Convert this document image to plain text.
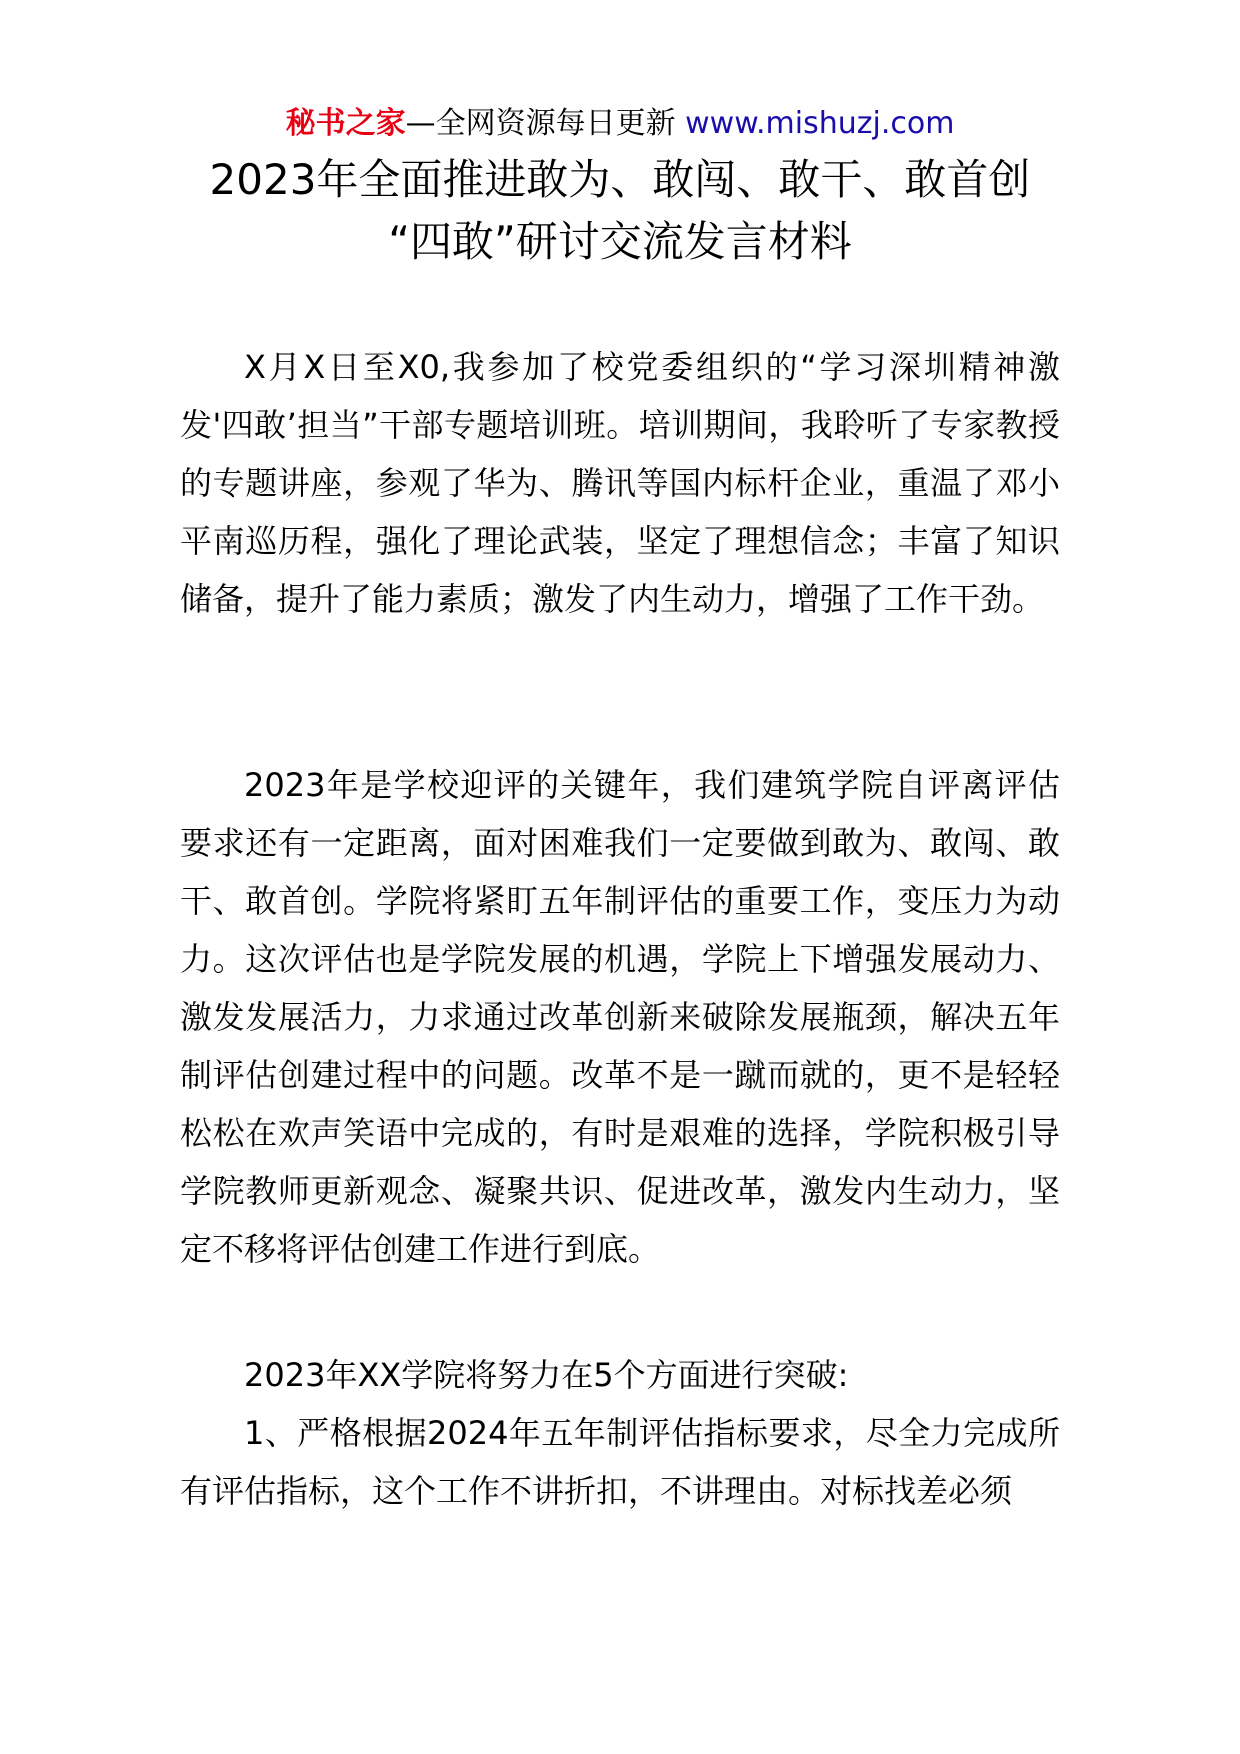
秘书之家—全网资源每日更新 www.mishuzj.com
2023年全面推进敢为、敢闯、敢干、敢首创
“四敢”研讨交流发言材料

X月X日至X0,我参加了校党委组织的“学习深圳精神激发'四敢’担当”干部专题培训班。培训期间，我聆听了专家教授的专题讲座，参观了华为、腾讯等国内标杆企业，重温了邓小平南巡历程，强化了理论武装，坚定了理想信念；丰富了知识储备，提升了能力素质；激发了内生动力，增强了工作干劲。

2023年是学校迎评的关键年，我们建筑学院自评离评估要求还有一定距离，面对困难我们一定要做到敢为、敢闯、敢干、敢首创。学院将紧盯五年制评估的重要工作，变压力为动力。这次评估也是学院发展的机遇，学院上下增强发展动力、激发发展活力，力求通过改革创新来破除发展瓶颈，解决五年制评估创建过程中的问题。改革不是一蹴而就的，更不是轻轻松松在欢声笑语中完成的，有时是艰难的选择，学院积极引导学院教师更新观念、凝聚共识、促进改革，激发内生动力，坚定不移将评估创建工作进行到底。

2023年XX学院将努力在5个方面进行突破:

1、严格根据2024年五年制评估指标要求，尽全力完成所有评估指标，这个工作不讲折扣，不讲理由。对标找差必须
